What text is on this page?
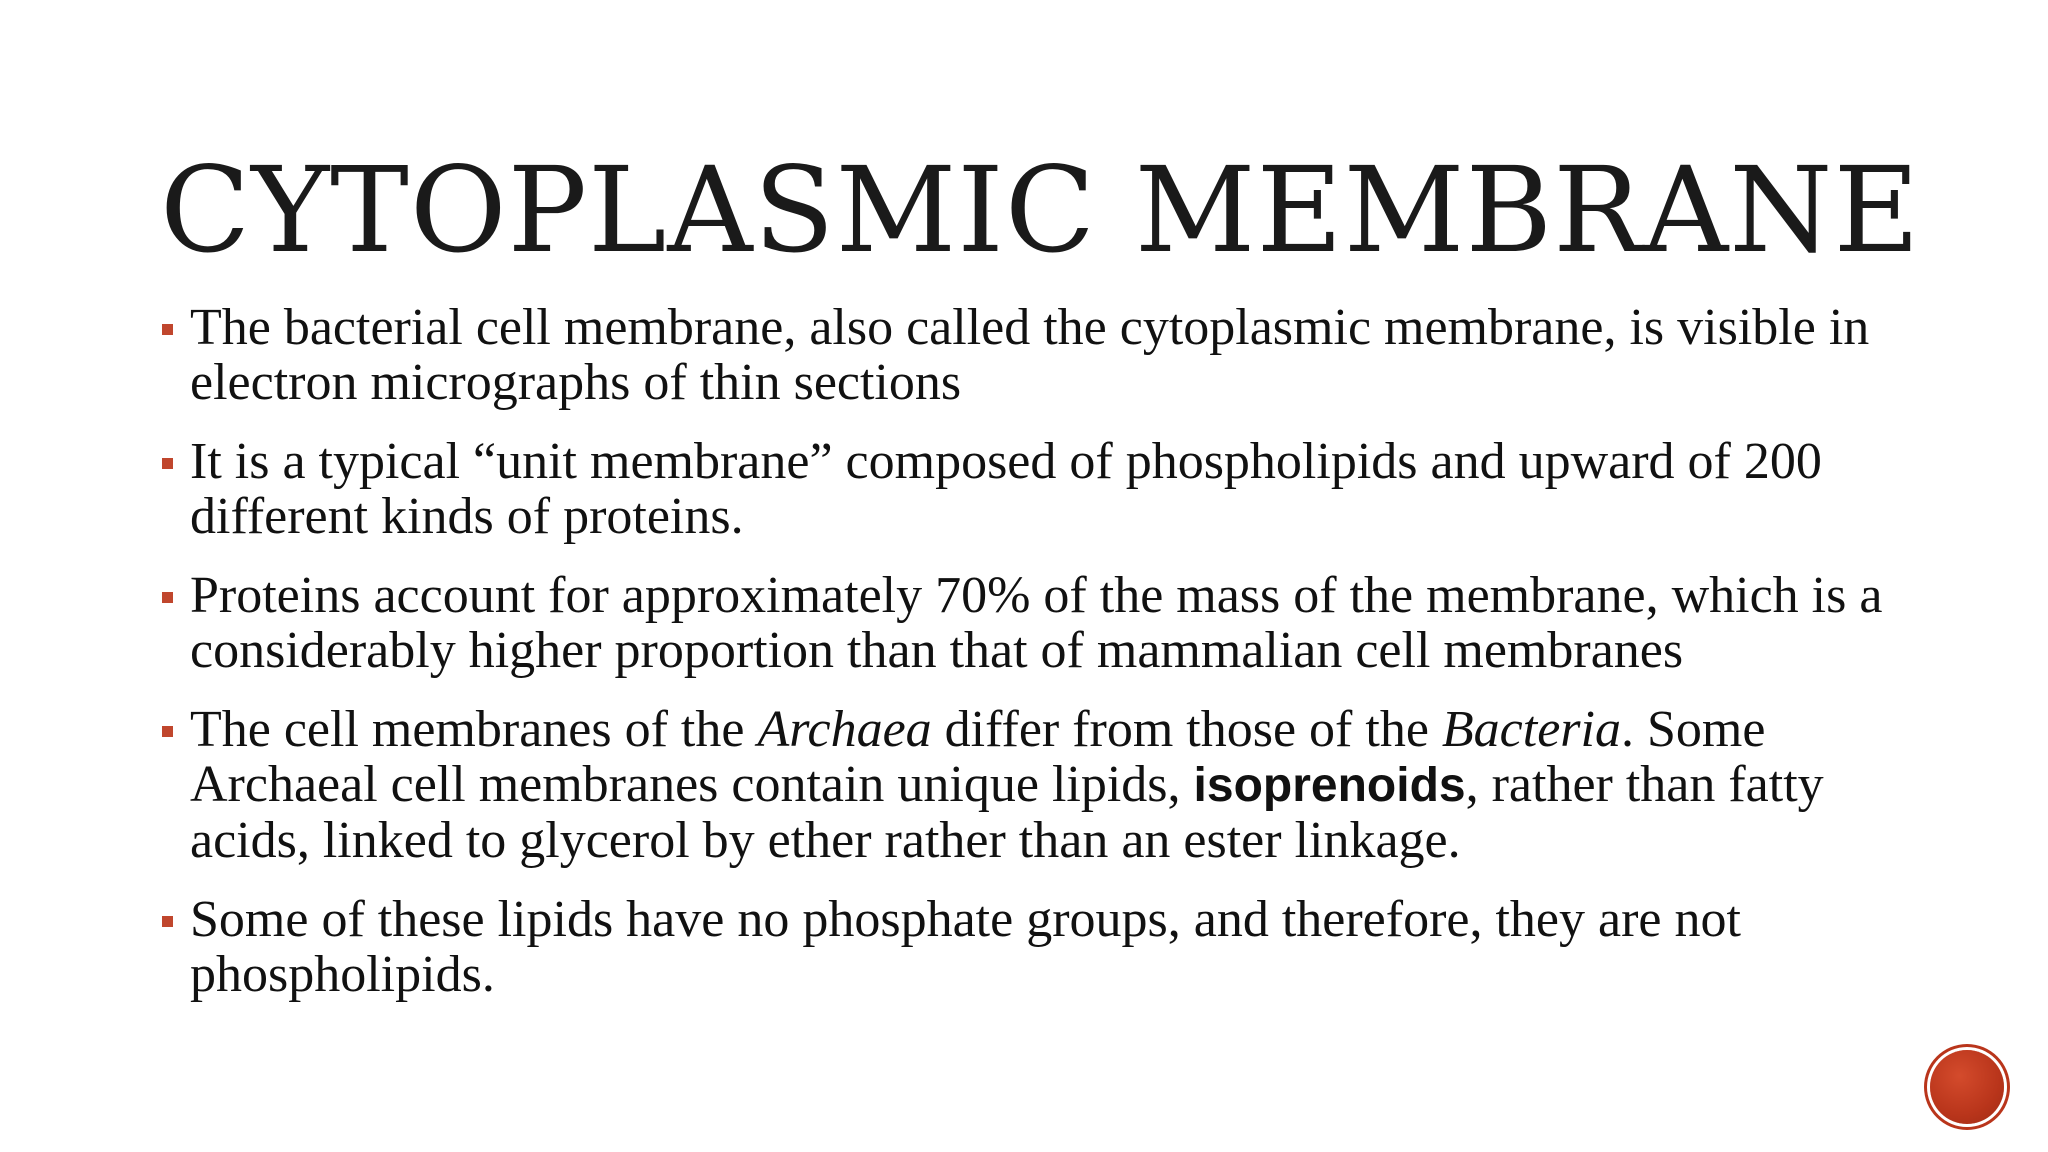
CYTOPLASMIC MEMBRANE
The bacterial cell membrane, also called the cytoplasmic membrane, is visible in electron micrographs of thin sections
It is a typical “unit membrane” composed of phospholipids and upward of 200 different kinds of proteins.
Proteins account for approximately 70% of the mass of the membrane, which is a considerably higher proportion than that of mammalian cell membranes
The cell membranes of the Archaea differ from those of the Bacteria. Some Archaeal cell membranes contain unique lipids, isoprenoids, rather than fatty acids, linked to glycerol by ether rather than an ester linkage.
Some of these lipids have no phosphate groups, and therefore, they are not phospholipids.
